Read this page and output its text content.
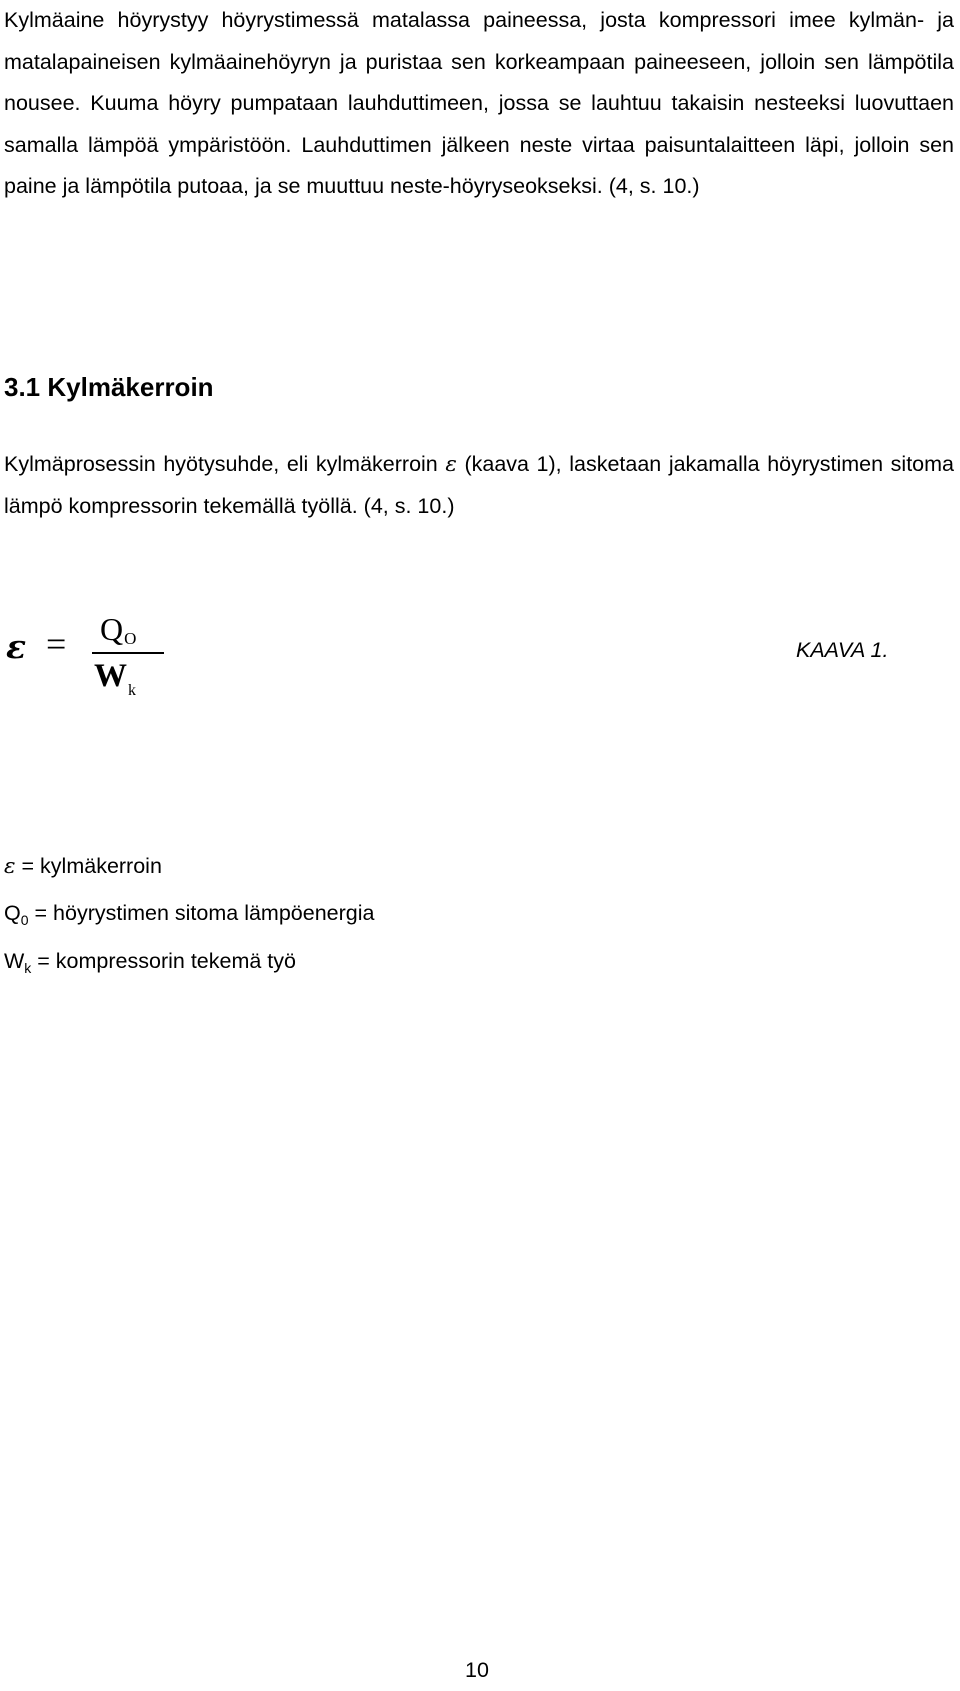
Kylmäaine höyrystyy höyrystimessä matalassa paineessa, josta kompressori imee kylmän- ja matalapaineisen kylmäainehöyryn ja puristaa sen korkeampaan paineeseen, jolloin sen lämpötila nousee. Kuuma höyry pumpataan lauhduttimeen, jossa se lauhtuu takaisin nesteeksi luovuttaen samalla lämpöä ympäristöön. Lauhduttimen jälkeen neste virtaa paisuntalaitteen läpi, jolloin sen paine ja lämpötila putoaa, ja se muuttuu neste-höyryseokseksi. (4, s. 10.)

3.1 Kylmäkerroin

Kylmäprosessin hyötysuhde, eli kylmäkerroin ε (kaava 1), lasketaan jakamalla höyrystimen sitoma lämpö kompressorin tekemällä työllä. (4, s. 10.)

ε = QO
$W_k$
KAAVA 1.
ε = kylmäkerroin
$Q_0$ = höyrystimen sitoma lämpöenergia
$W_k$ = kompressorin tekemä työ
10
